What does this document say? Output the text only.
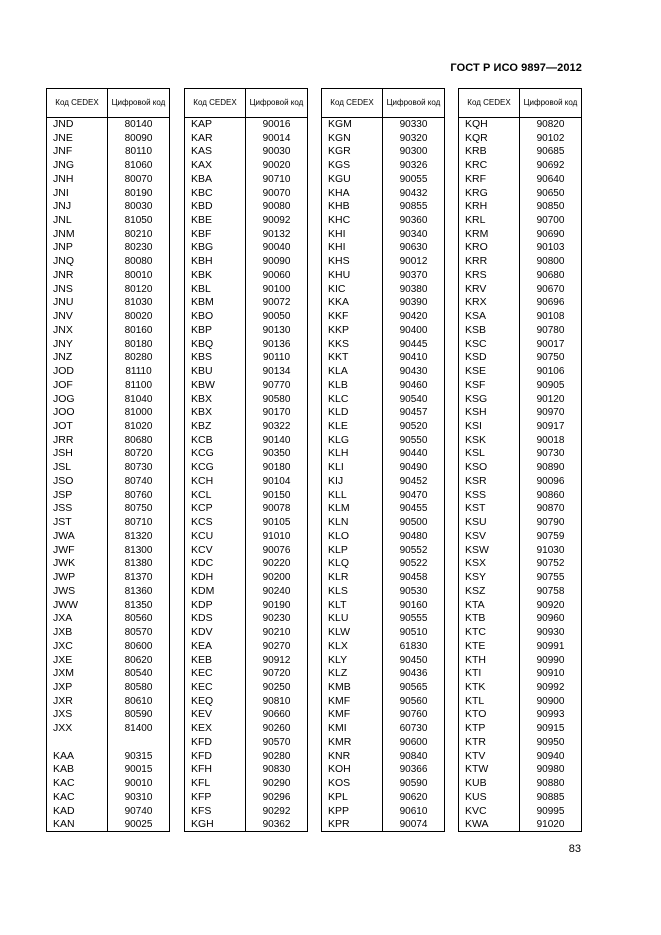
ГОСТ Р ИСО 9897—2012
Код CEDEX	Цифровой код
JND	80140
JNE	80090
JNF	80110
JNG	81060
JNH	80070
JNI	80190
JNJ	80030
JNL	81050
JNM	80210
JNP	80230
JNQ	80080
JNR	80010
JNS	80120
JNU	81030
JNV	80020
JNX	80160
JNY	80180
JNZ	80280
JOD	81110
JOF	81100
JOG	81040
JOO	81000
JOT	81020
JRR	80680
JSH	80720
JSL	80730
JSO	80740
JSP	80760
JSS	80750
JST	80710
JWA	81320
JWF	81300
JWK	81380
JWP	81370
JWS	81360
JWW	81350
JXA	80560
JXB	80570
JXC	80600
JXE	80620
JXM	80540
JXP	80580
JXR	80610
JXS	80590
JXX	81400

KAA	90315
KAB	90015
KAC	90010
KAC	90310
KAD	90740
KAN	90025
Код CEDEX	Цифровой код
KAP	90016
KAR	90014
KAS	90030
KAX	90020
KBA	90710
KBC	90070
KBD	90080
KBE	90092
KBF	90132
KBG	90040
KBH	90090
KBK	90060
KBL	90100
KBM	90072
KBO	90050
KBP	90130
KBQ	90136
KBS	90110
KBU	90134
KBW	90770
KBX	90580
KBX	90170
KBZ	90322
KCB	90140
KCG	90350
KCG	90180
KCH	90104
KCL	90150
KCP	90078
KCS	90105
KCU	91010
KCV	90076
KDC	90220
KDH	90200
KDM	90240
KDP	90190
KDS	90230
KDV	90210
KEA	90270
KEB	90912
KEC	90720
KEC	90250
KEQ	90810
KEV	90660
KEX	90260
KFD	90570
KFD	90280
KFH	90830
KFL	90290
KFP	90296
KFS	90292
KGH	90362
Код CEDEX	Цифровой код
KGM	90330
KGN	90320
KGR	90300
KGS	90326
KGU	90055
KHA	90432
KHB	90855
KHC	90360
KHI	90340
KHI	90630
KHS	90012
KHU	90370
KIC	90380
KKA	90390
KKF	90420
KKP	90400
KKS	90445
KKT	90410
KLA	90430
KLB	90460
KLC	90540
KLD	90457
KLE	90520
KLG	90550
KLH	90440
KLI	90490
KIJ	90452
KLL	90470
KLM	90455
KLN	90500
KLO	90480
KLP	90552
KLQ	90522
KLR	90458
KLS	90530
KLT	90160
KLU	90555
KLW	90510
KLX	61830
KLY	90450
KLZ	90436
KMB	90565
KMF	90560
KMF	90760
KMI	60730
KMR	90600
KNR	90840
KOH	90366
KOS	90590
KPL	90620
KPP	90610
KPR	90074
Код CEDEX	Цифровой код
KQH	90820
KQR	90102
KRB	90685
KRC	90692
KRF	90640
KRG	90650
KRH	90850
KRL	90700
KRM	90690
KRO	90103
KRR	90800
KRS	90680
KRV	90670
KRX	90696
KSA	90108
KSB	90780
KSC	90017
KSD	90750
KSE	90106
KSF	90905
KSG	90120
KSH	90970
KSI	90917
KSK	90018
KSL	90730
KSO	90890
KSR	90096
KSS	90860
KST	90870
KSU	90790
KSV	90759
KSW	91030
KSX	90752
KSY	90755
KSZ	90758
KTA	90920
KTB	90960
KTC	90930
KTE	90991
KTH	90990
KTI	90910
KTK	90992
KTL	90900
KTO	90993
KTP	90915
KTR	90950
KTV	90940
KTW	90980
KUB	90880
KUS	90885
KVC	90995
KWA	91020
83
